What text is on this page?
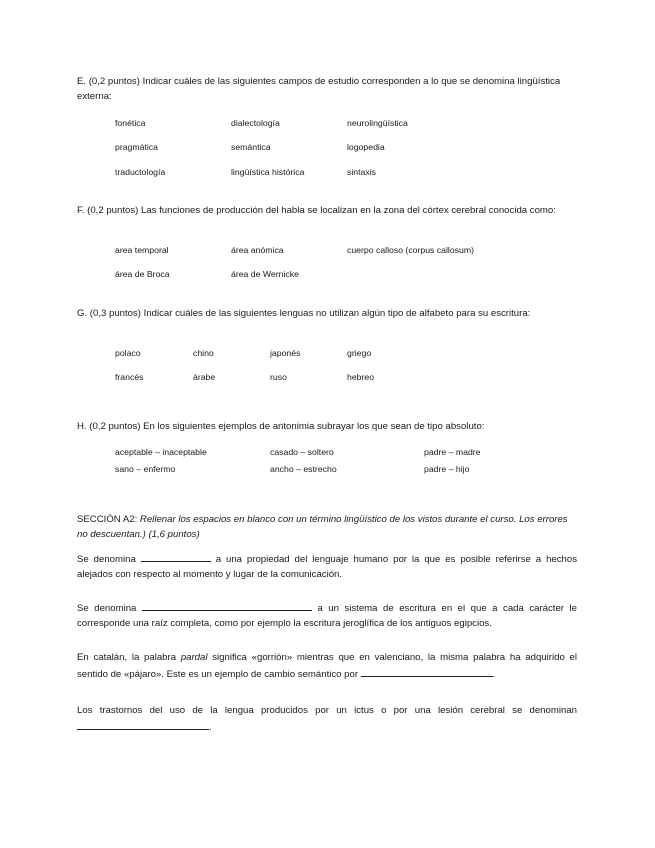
E. (0,2 puntos) Indicar cuáles de las siguientes campos de estudio corresponden a lo que se denomina lingüística externa:

fonética	dialectología	neurolingüística
pragmática	semántica	logopedia
traductología	lingüística histórica	sintaxis

F. (0,2 puntos) Las funciones de producción del habla se localizan en la zona del córtex cerebral conocida como:

area temporal	área anómica	cuerpo calloso (corpus callosum)
área de Broca	área de Wernicke

G. (0,3 puntos) Indicar cuáles de las siguientes lenguas no utilizan algún tipo de alfabeto para su escritura:

polaco	chino	japonés	griego
francés	árabe	ruso	hebreo

H. (0,2 puntos) En los siguientes ejemplos de antonimia subrayar los que sean de tipo absoluto:

aceptable – inaceptable	casado – soltero	padre – madre
sano – enfermo	ancho – estrecho	padre – hijo

SECCIÓN A2: Rellenar los espacios en blanco con un término lingüístico de los vistos durante el curso. Los errores no descuentan.) (1,6 puntos)

Se denomina	a una propiedad del lenguaje humano por la que es posible referirse a hechos alejados con respecto al momento y lugar de la comunicación.

Se denomina	a un sistema de escritura en el que a cada carácter le corresponde una raíz completa, como por ejemplo la escritura jeroglífica de los antiguos egipcios.

En catalán, la palabra pardal significa «gorrión» mientras que en valenciano, la misma palabra ha adquirido el sentido de «pájaro». Este es un ejemplo de cambio semántico por	.

Los trastornos del uso de la lengua producidos por un ictus o por una lesión cerebral se denominan .
